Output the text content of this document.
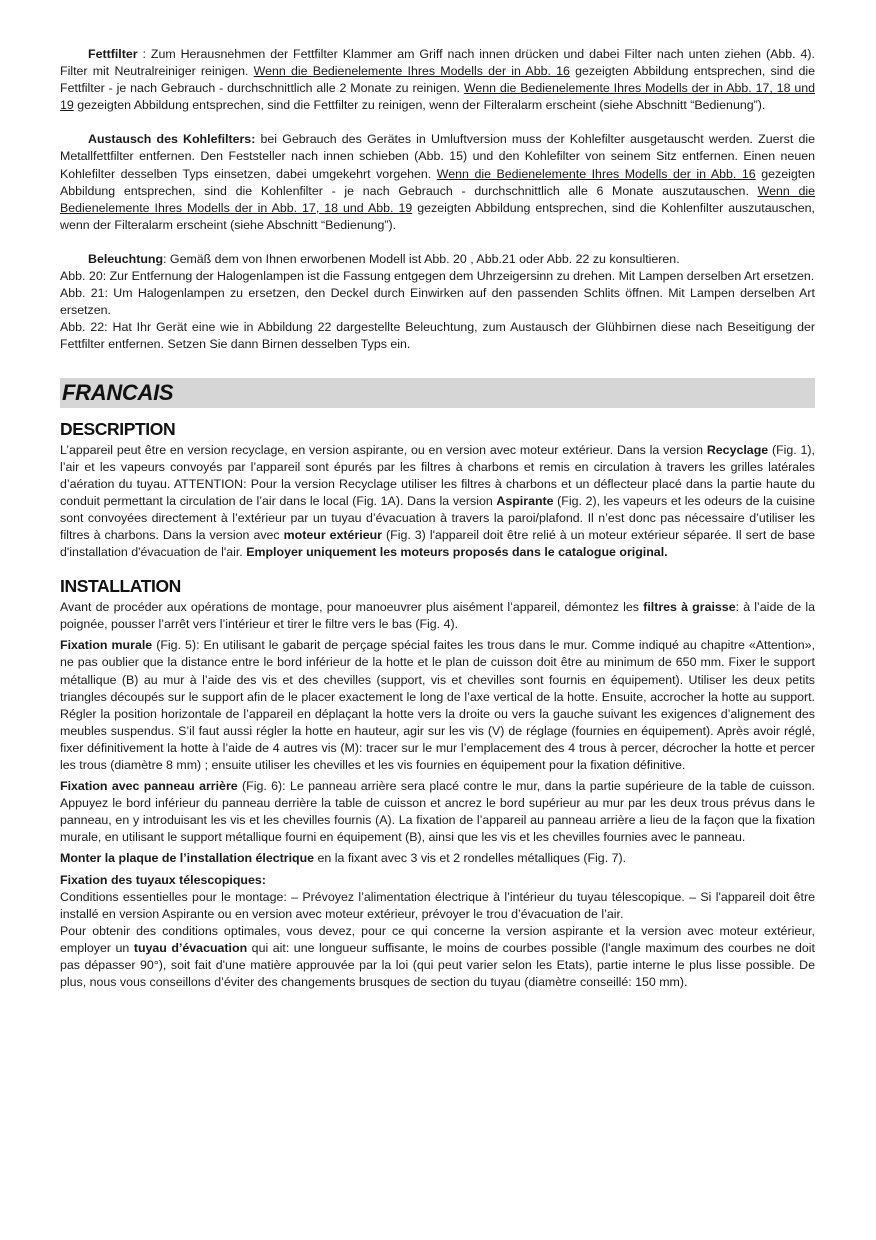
Fettfilter : Zum Herausnehmen der Fettfilter Klammer am Griff nach innen drücken und dabei Filter nach unten ziehen (Abb. 4). Filter mit Neutralreiniger reinigen. Wenn die Bedienelemente Ihres Modells der in Abb. 16 gezeigten Abbildung entsprechen, sind die Fettfilter - je nach Gebrauch - durchschnittlich alle 2 Monate zu reinigen. Wenn die Bedienelemente Ihres Modells der in Abb. 17, 18 und 19 gezeigten Abbildung entsprechen, sind die Fettfilter zu reinigen, wenn der Filteralarm erscheint (siehe Abschnitt “Bedienung”).

Austausch des Kohlefilters: bei Gebrauch des Gerätes in Umluftversion muss der Kohlefilter ausgetauscht werden. Zuerst die Metallfettfilter entfernen. Den Feststeller nach innen schieben (Abb. 15) und den Kohlefilter von seinem Sitz entfernen. Einen neuen Kohlefilter desselben Typs einsetzen, dabei umgekehrt vorgehen. Wenn die Bedienelemente Ihres Modells der in Abb. 16 gezeigten Abbildung entsprechen, sind die Kohlenfilter - je nach Gebrauch - durchschnittlich alle 6 Monate auszutauschen. Wenn die Bedienelemente Ihres Modells der in Abb. 17, 18 und Abb. 19 gezeigten Abbildung entsprechen, sind die Kohlenfilter auszutauschen, wenn der Filteralarm erscheint (siehe Abschnitt “Bedienung”).

Beleuchtung: Gemäß dem von Ihnen erworbenen Modell ist Abb. 20 , Abb.21 oder Abb. 22 zu konsultieren.

Abb. 20: Zur Entfernung der Halogenlampen ist die Fassung entgegen dem Uhrzeigersinn zu drehen. Mit Lampen derselben Art ersetzen.

Abb. 21: Um Halogenlampen zu ersetzen, den Deckel durch Einwirken auf den passenden Schlits öffnen. Mit Lampen derselben Art ersetzen.

Abb. 22: Hat Ihr Gerät eine wie in Abbildung 22 dargestellte Beleuchtung, zum Austausch der Glühbirnen diese nach Beseitigung der Fettfilter entfernen. Setzen Sie dann Birnen desselben Typs ein.

FRANCAIS
DESCRIPTION

L’appareil peut être en version recyclage, en version aspirante, ou en version avec moteur extérieur. Dans la version Recyclage (Fig. 1), l’air et les vapeurs convoyés par l’appareil sont épurés par les filtres à charbons et remis en circulation à travers les grilles latérales d’aération du tuyau. ATTENTION: Pour la version Recyclage utiliser les filtres à charbons et un déflecteur placé dans la partie haute du conduit permettant la circulation de l’air dans le local (Fig. 1A). Dans la version Aspirante (Fig. 2), les vapeurs et les odeurs de la cuisine sont convoyées directement à l’extérieur par un tuyau d’évacuation à travers la paroi/plafond. Il n’est donc pas nécessaire d’utiliser les filtres à charbons. Dans la version avec moteur extérieur (Fig. 3) l'appareil doit être relié à un moteur extérieur séparée. Il sert de base d'installation d'évacuation de l'air. Employer uniquement les moteurs proposés dans le catalogue original.

INSTALLATION

Avant de procéder aux opérations de montage, pour manoeuvrer plus aisément l’appareil, démontez les filtres à graisse: à l’aide de la poignée, pousser l’arrêt vers l’intérieur et tirer le filtre vers le bas (Fig. 4).

Fixation murale (Fig. 5): En utilisant le gabarit de perçage spécial faites les trous dans le mur. Comme indiqué au chapitre «Attention», ne pas oublier que la distance entre le bord inférieur de la hotte et le plan de cuisson doit être au minimum de 650 mm. Fixer le support métallique (B) au mur à l’aide des vis et des chevilles (support, vis et chevilles sont fournis en équipement). Utiliser les deux petits triangles découpés sur le support afin de le placer exactement le long de l’axe vertical de la hotte. Ensuite, accrocher la hotte au support. Régler la position horizontale de l’appareil en déplaçant la hotte vers la droite ou vers la gauche suivant les exigences d’alignement des meubles suspendus. S’il faut aussi régler la hotte en hauteur, agir sur les vis (V) de réglage (fournies en équipement). Après avoir réglé, fixer définitivement la hotte à l’aide de 4 autres vis (M): tracer sur le mur l’emplacement des 4 trous à percer, décrocher la hotte et percer les trous (diamètre 8 mm) ; ensuite utiliser les chevilles et les vis fournies en équipement pour la fixation définitive.

Fixation avec panneau arrière (Fig. 6): Le panneau arrière sera placé contre le mur, dans la partie supérieure de la table de cuisson. Appuyez le bord inférieur du panneau derrière la table de cuisson et ancrez le bord supérieur au mur par les deux trous prévus dans le panneau, en y introduisant les vis et les chevilles fournis (A). La fixation de l’appareil au panneau arrière a lieu de la façon que la fixation murale, en utilisant le support métallique fourni en équipement (B), ainsi que les vis et les chevilles fournies avec le panneau.

Monter la plaque de l’installation électrique en la fixant avec 3 vis et 2 rondelles métalliques (Fig. 7).

Fixation des tuyaux télescopiques:

Conditions essentielles pour le montage: – Prévoyez l’alimentation électrique à l’intérieur du tuyau télescopique. – Si l'appareil doit être installé en version Aspirante ou en version avec moteur extérieur, prévoyer le trou d’évacuation de l’air.

Pour obtenir des conditions optimales, vous devez, pour ce qui concerne la version aspirante et la version avec moteur extérieur, employer un tuyau d’évacuation qui ait: une longueur suffisante, le moins de courbes possible (l'angle maximum des courbes ne doit pas dépasser 90°), soit fait d'une matière approuvée par la loi (qui peut varier selon les Etats), partie interne le plus lisse possible. De plus, nous vous conseillons d’éviter des changements brusques de section du tuyau (diamètre conseillé: 150 mm).
